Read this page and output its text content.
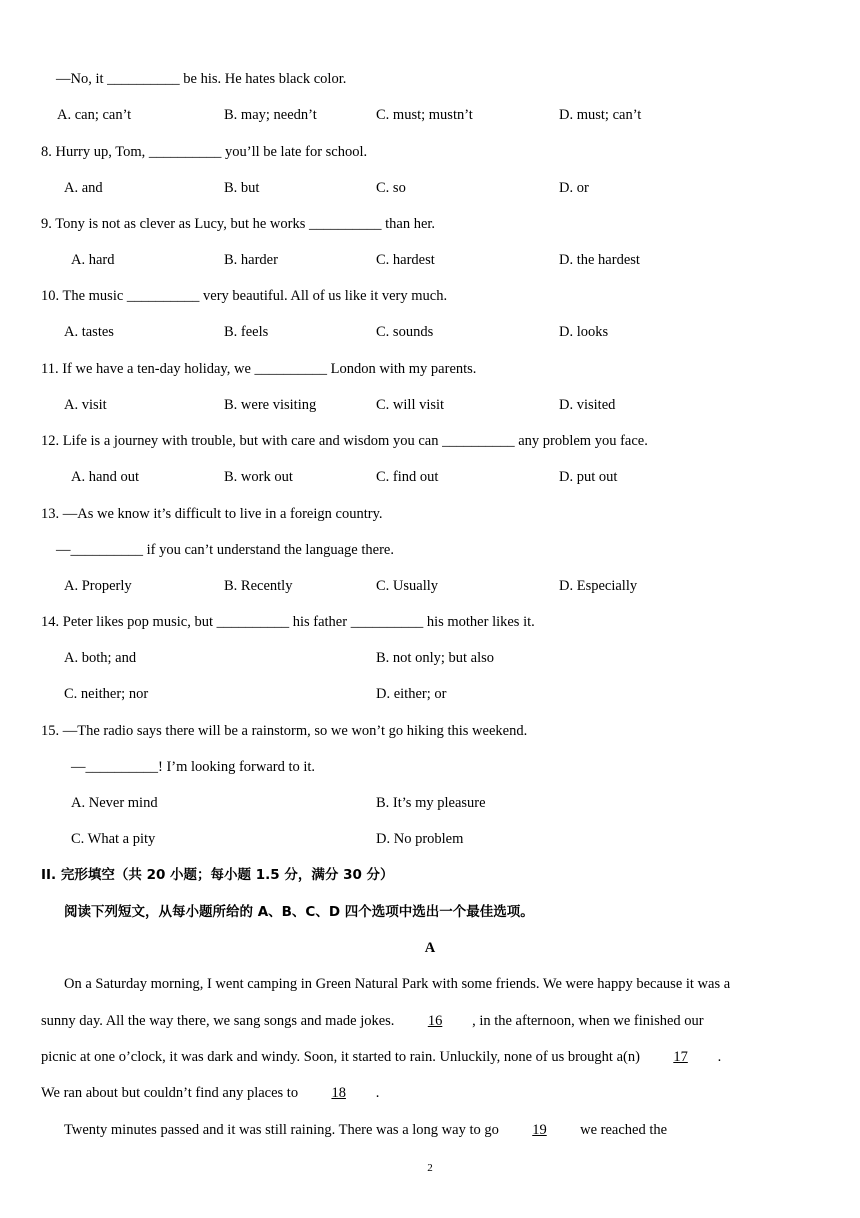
—No, it __________ be his. He hates black color.
A. can; can’t	B. may; needn’t	C. must; mustn’t	D. must; can’t
8. Hurry up, Tom, __________ you’ll be late for school.
A. and	B. but	C. so	D. or
9. Tony is not as clever as Lucy, but he works __________ than her.
A. hard	B. harder	C. hardest	D. the hardest
10. The music __________ very beautiful. All of us like it very much.
A. tastes	B. feels	C. sounds	D. looks
11. If we have a ten-day holiday, we __________ London with my parents.
A. visit	B. were visiting	C. will visit	D. visited
12. Life is a journey with trouble, but with care and wisdom you can __________ any problem you face.
A. hand out	B. work out	C. find out	D. put out
13. —As we know it’s difficult to live in a foreign country.
—__________ if you can’t understand the language there.
A. Properly	B. Recently	C. Usually	D. Especially
14. Peter likes pop music, but __________ his father __________ his mother likes it.
A. both; and	B. not only; but also
C. neither; nor	D. either; or
15. —The radio says there will be a rainstorm, so we won’t go hiking this weekend.
—__________! I’m looking forward to it.
A. Never mind	B. It’s my pleasure
C. What a pity	D. No problem
II. 完形填空（共 20 小题；每小题 1.5 分，满分 30 分）
阅读下列短文，从每小题所给的 A、B、C、D 四个选项中选出一个最佳选项。
A
On a Saturday morning, I went camping in Green Natural Park with some friends. We were happy because it was a
sunny day. All the way there, we sang songs and made jokes. 16 , in the afternoon, when we finished our
picnic at one o’clock, it was dark and windy. Soon, it started to rain. Unluckily, none of us brought a(n) 17 .
We ran about but couldn’t find any places to 18 .
Twenty minutes passed and it was still raining. There was a long way to go 19 we reached the
2
